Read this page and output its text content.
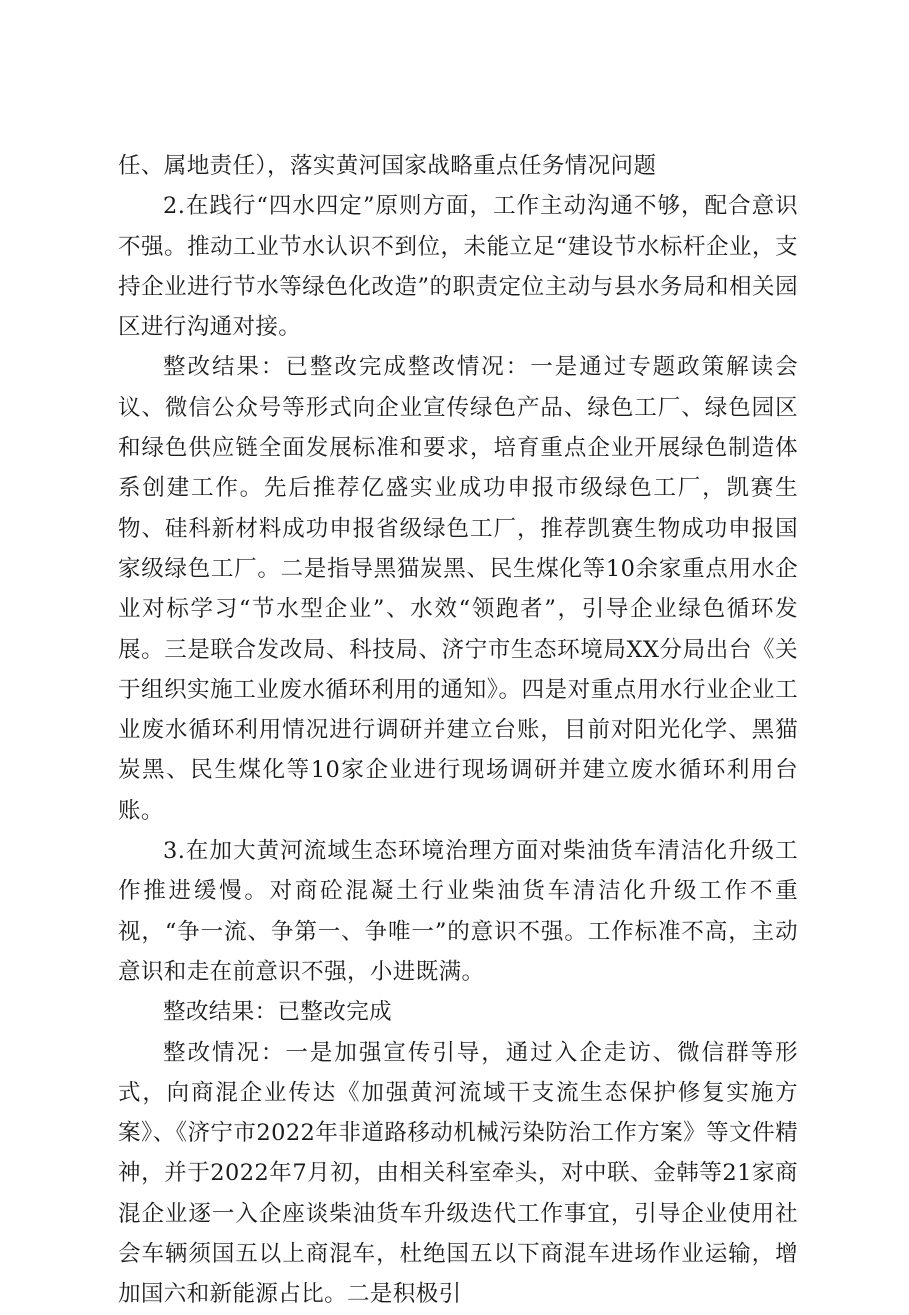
任、属地责任），落实黄河国家战略重点任务情况问题

2.在践行“四水四定”原则方面，工作主动沟通不够，配合意识不强。推动工业节水认识不到位，未能立足“建设节水标杆企业，支持企业进行节水等绿色化改造”的职责定位主动与县水务局和相关园区进行沟通对接。

整改结果：已整改完成整改情况：一是通过专题政策解读会议、微信公众号等形式向企业宣传绿色产品、绿色工厂、绿色园区和绿色供应链全面发展标准和要求，培育重点企业开展绿色制造体系创建工作。先后推荐亿盛实业成功申报市级绿色工厂，凯赛生物、硅科新材料成功申报省级绿色工厂，推荐凯赛生物成功申报国家级绿色工厂。二是指导黑猫炭黑、民生煤化等10余家重点用水企业对标学习“节水型企业”、水效“领跑者”，引导企业绿色循环发展。三是联合发改局、科技局、济宁市生态环境局XX分局出台《关于组织实施工业废水循环利用的通知》。四是对重点用水行业企业工业废水循环利用情况进行调研并建立台账，目前对阳光化学、黑猫炭黑、民生煤化等10家企业进行现场调研并建立废水循环利用台账。

3.在加大黄河流域生态环境治理方面对柴油货车清洁化升级工作推进缓慢。对商砼混凝土行业柴油货车清洁化升级工作不重视，“争一流、争第一、争唯一”的意识不强。工作标准不高，主动意识和走在前意识不强，小进既满。

整改结果：已整改完成

整改情况：一是加强宣传引导，通过入企走访、微信群等形式，向商混企业传达《加强黄河流域干支流生态保护修复实施方案》、《济宁市2022年非道路移动机械污染防治工作方案》等文件精神，并于2022年7月初，由相关科室牵头，对中联、金韩等21家商混企业逐一入企座谈柴油货车升级迭代工作事宜，引导企业使用社会车辆须国五以上商混车，杜绝国五以下商混车进场作业运输，增加国六和新能源占比。二是积极引
